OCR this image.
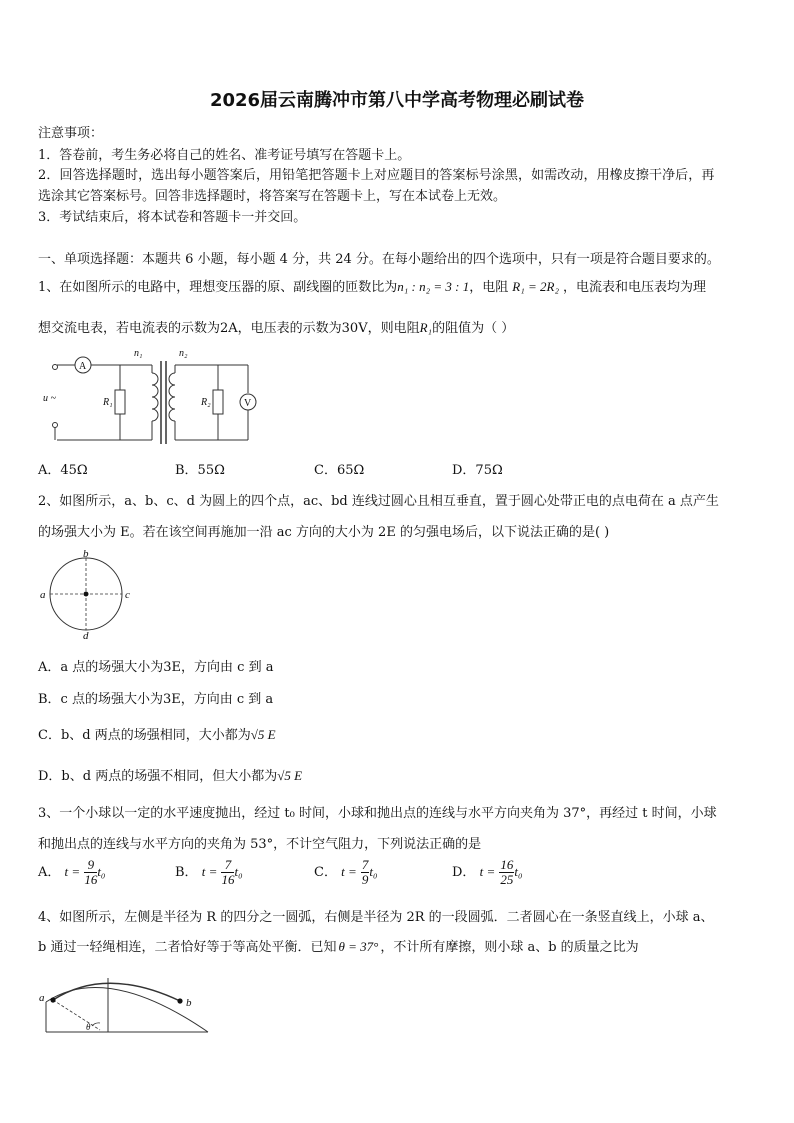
2026届云南腾冲市第八中学高考物理必刷试卷
注意事项：
1．答卷前，考生务必将自己的姓名、准考证号填写在答题卡上。
2．回答选择题时，选出每小题答案后，用铅笔把答题卡上对应题目的答案标号涂黑，如需改动，用橡皮擦干净后，再
选涂其它答案标号。回答非选择题时，将答案写在答题卡上，写在本试卷上无效。
3．考试结束后，将本试卷和答题卡一并交回。
一、单项选择题：本题共 6 小题，每小题 4 分，共 24 分。在每小题给出的四个选项中，只有一项是符合题目要求的。
1、在如图所示的电路中，理想变压器的原、副线圈的匝数比为n₁ : n₂ = 3 : 1，电阻 R₁ = 2R₂ ，电流表和电压表均为理
想交流电表，若电流表的示数为2A，电压表的示数为30V，则电阻R₁的阻值为（ ）
A
V
n₁	n₂
R₁	R₂
u ~
A．45Ω	B．55Ω	C．65Ω	D．75Ω
2、如图所示，a、b、c、d 为圆上的四个点，ac、bd 连线过圆心且相互垂直，置于圆心处带正电的点电荷在 a 点产生
的场强大小为 E。若在该空间再施加一沿 ac 方向的大小为 2E 的匀强电场后，以下说法正确的是( )
a
b
c
d
A．a 点的场强大小为3E，方向由 c 到 a
B．c 点的场强大小为3E，方向由 c 到 a
C．b、d 两点的场强相同，大小都为√5 E
D．b、d 两点的场强不相同，但大小都为√5 E
3、一个小球以一定的水平速度抛出，经过 t₀ 时间，小球和抛出点的连线与水平方向夹角为 37°，再经过 t 时间，小球
和抛出点的连线与水平方向的夹角为 53°，不计空气阻力，下列说法正确的是
A． $t = \frac{9}{16} t_0$	B． $t = \frac{7}{16} t_0$	C． $t = \frac{7}{9} t_0$	D． $t = \frac{16}{25} t_0$
4、如图所示，左侧是半径为 R 的四分之一圆弧，右侧是半径为 2R 的一段圆弧．二者圆心在一条竖直线上，小球 a、
b 通过一轻绳相连，二者恰好等于等高处平衡．已知 θ = 37° ，不计所有摩擦，则小球 a、b 的质量之比为
a	b
θ
